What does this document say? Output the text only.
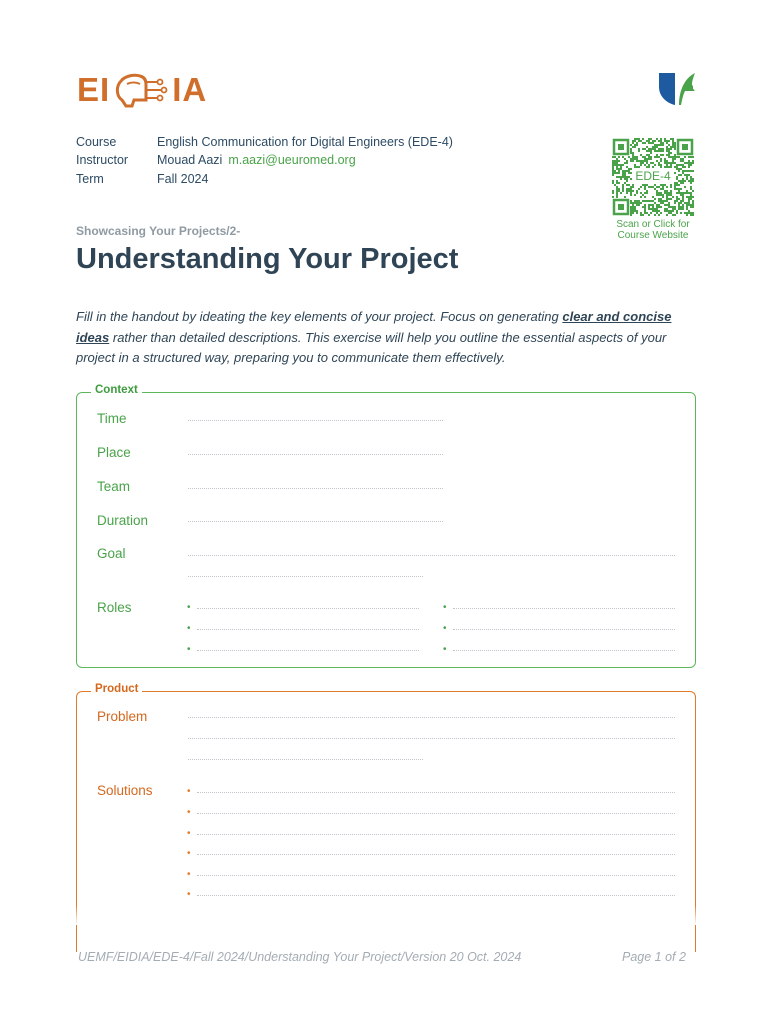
EI IA
Course	English Communication for Digital Engineers (EDE-4)
Instructor Mouad Aazi m.aazi@ueuromed.org
Term	Fall 2024	EDE-4
Scan or Click for
Course Website
Showcasing Your Projects/2-
Understanding Your Project
Fill in the handout by ideating the key elements of your project. Focus on generating clear and concise ideas rather than detailed descriptions. This exercise will help you outline the essential aspects of your project in a structured way, preparing you to communicate them effectively.
Context
Time
Place
Team
Duration
Goal
Roles	•	•
•	•
•	•
Product
Problem
Solutions	•
•
•
•
•
•
UEMF/EIDIA/EDE-4/Fall 2024/Understanding Your Project/Version 20 Oct. 2024	Page 1 of 2
